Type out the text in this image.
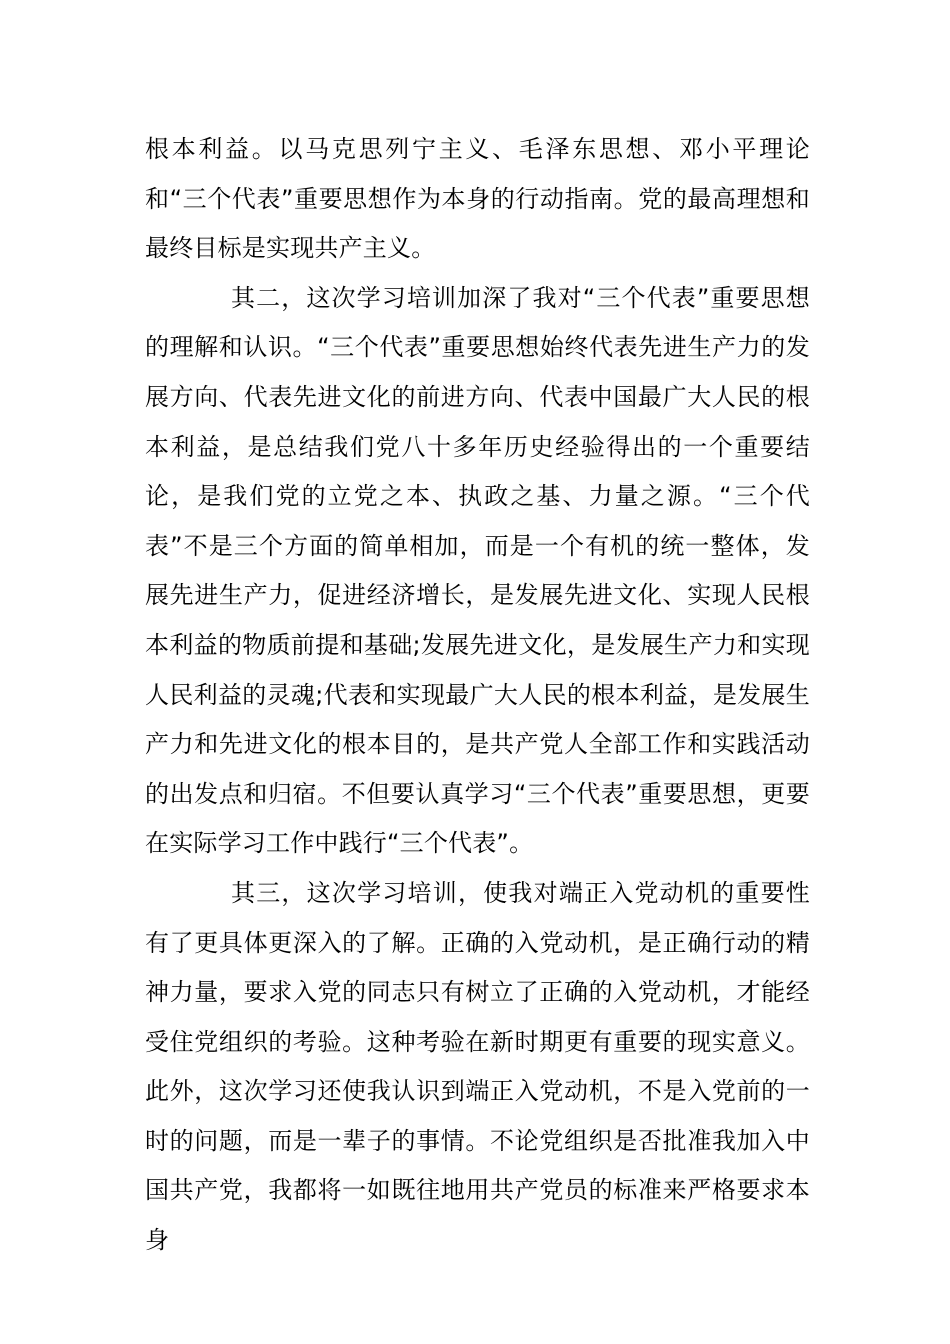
根本利益。以马克思列宁主义、毛泽东思想、邓小平理论和“三个代表”重要思想作为本身的行动指南。党的最高理想和最终目标是实现共产主义。

其二，这次学习培训加深了我对“三个代表”重要思想的理解和认识。“三个代表”重要思想始终代表先进生产力的发展方向、代表先进文化的前进方向、代表中国最广大人民的根本利益，是总结我们党八十多年历史经验得出的一个重要结论，是我们党的立党之本、执政之基、力量之源。“三个代表”不是三个方面的简单相加，而是一个有机的统一整体，发展先进生产力，促进经济增长，是发展先进文化、实现人民根本利益的物质前提和基础;发展先进文化，是发展生产力和实现人民利益的灵魂;代表和实现最广大人民的根本利益，是发展生产力和先进文化的根本目的，是共产党人全部工作和实践活动的出发点和归宿。不但要认真学习“三个代表”重要思想，更要在实际学习工作中践行“三个代表”。

其三，这次学习培训，使我对端正入党动机的重要性有了更具体更深入的了解。正确的入党动机，是正确行动的精神力量，要求入党的同志只有树立了正确的入党动机，才能经受住党组织的考验。这种考验在新时期更有重要的现实意义。此外，这次学习还使我认识到端正入党动机，不是入党前的一时的问题，而是一辈子的事情。不论党组织是否批准我加入中国共产党，我都将一如既往地用共产党员的标准来严格要求本身
